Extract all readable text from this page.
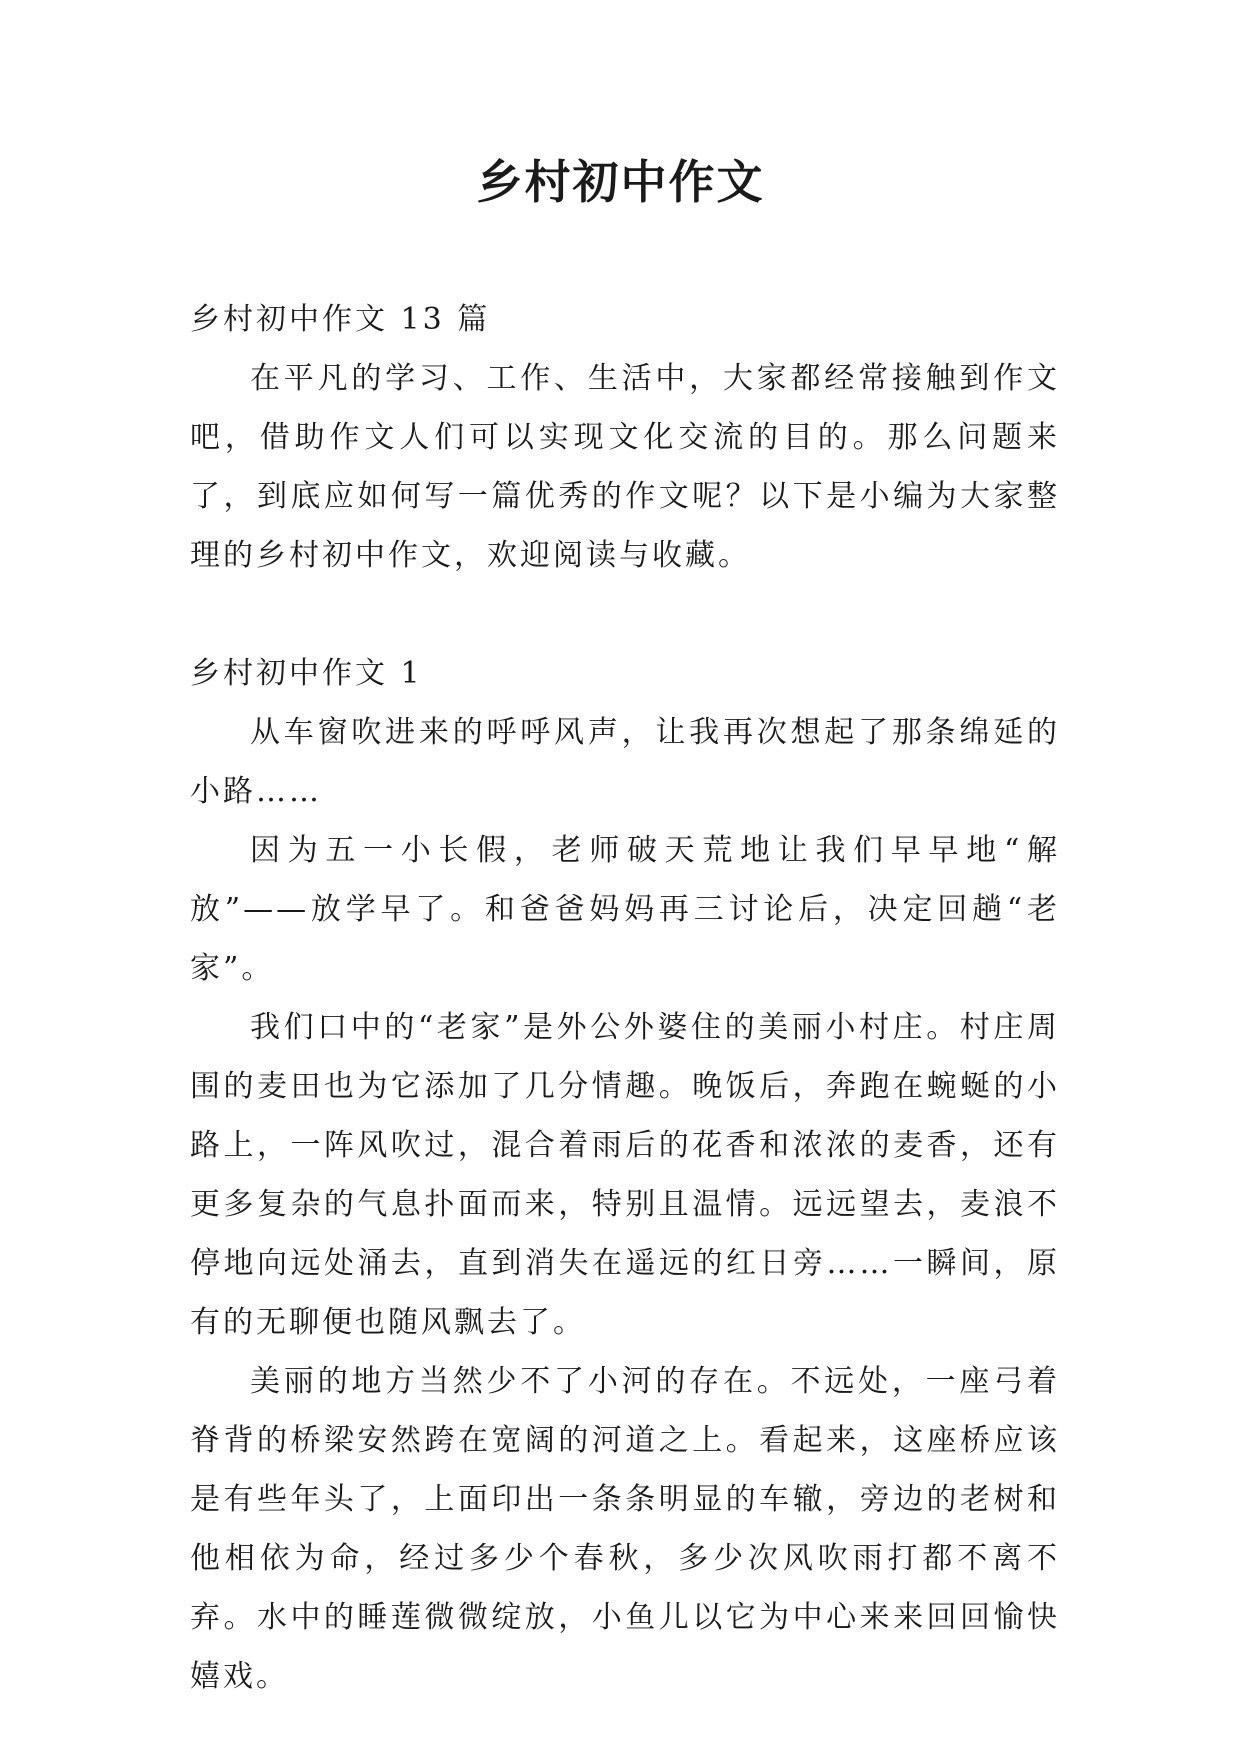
乡村初中作文

乡村初中作文 13 篇

在平凡的学习、工作、生活中，大家都经常接触到作文吧，借助作文人们可以实现文化交流的目的。那么问题来了，到底应如何写一篇优秀的作文呢？以下是小编为大家整理的乡村初中作文，欢迎阅读与收藏。

乡村初中作文 1

从车窗吹进来的呼呼风声，让我再次想起了那条绵延的小路……

因为五一小长假，老师破天荒地让我们早早地“解放”——放学早了。和爸爸妈妈再三讨论后，决定回趟“老家”。

我们口中的“老家”是外公外婆住的美丽小村庄。村庄周围的麦田也为它添加了几分情趣。晚饭后，奔跑在蜿蜒的小路上，一阵风吹过，混合着雨后的花香和浓浓的麦香，还有更多复杂的气息扑面而来，特别且温情。远远望去，麦浪不停地向远处涌去，直到消失在遥远的红日旁……一瞬间，原有的无聊便也随风飘去了。

美丽的地方当然少不了小河的存在。不远处，一座弓着脊背的桥梁安然跨在宽阔的河道之上。看起来，这座桥应该是有些年头了，上面印出一条条明显的车辙，旁边的老树和他相依为命，经过多少个春秋，多少次风吹雨打都不离不弃。水中的睡莲微微绽放，小鱼儿以它为中心来来回回愉快嬉戏。
